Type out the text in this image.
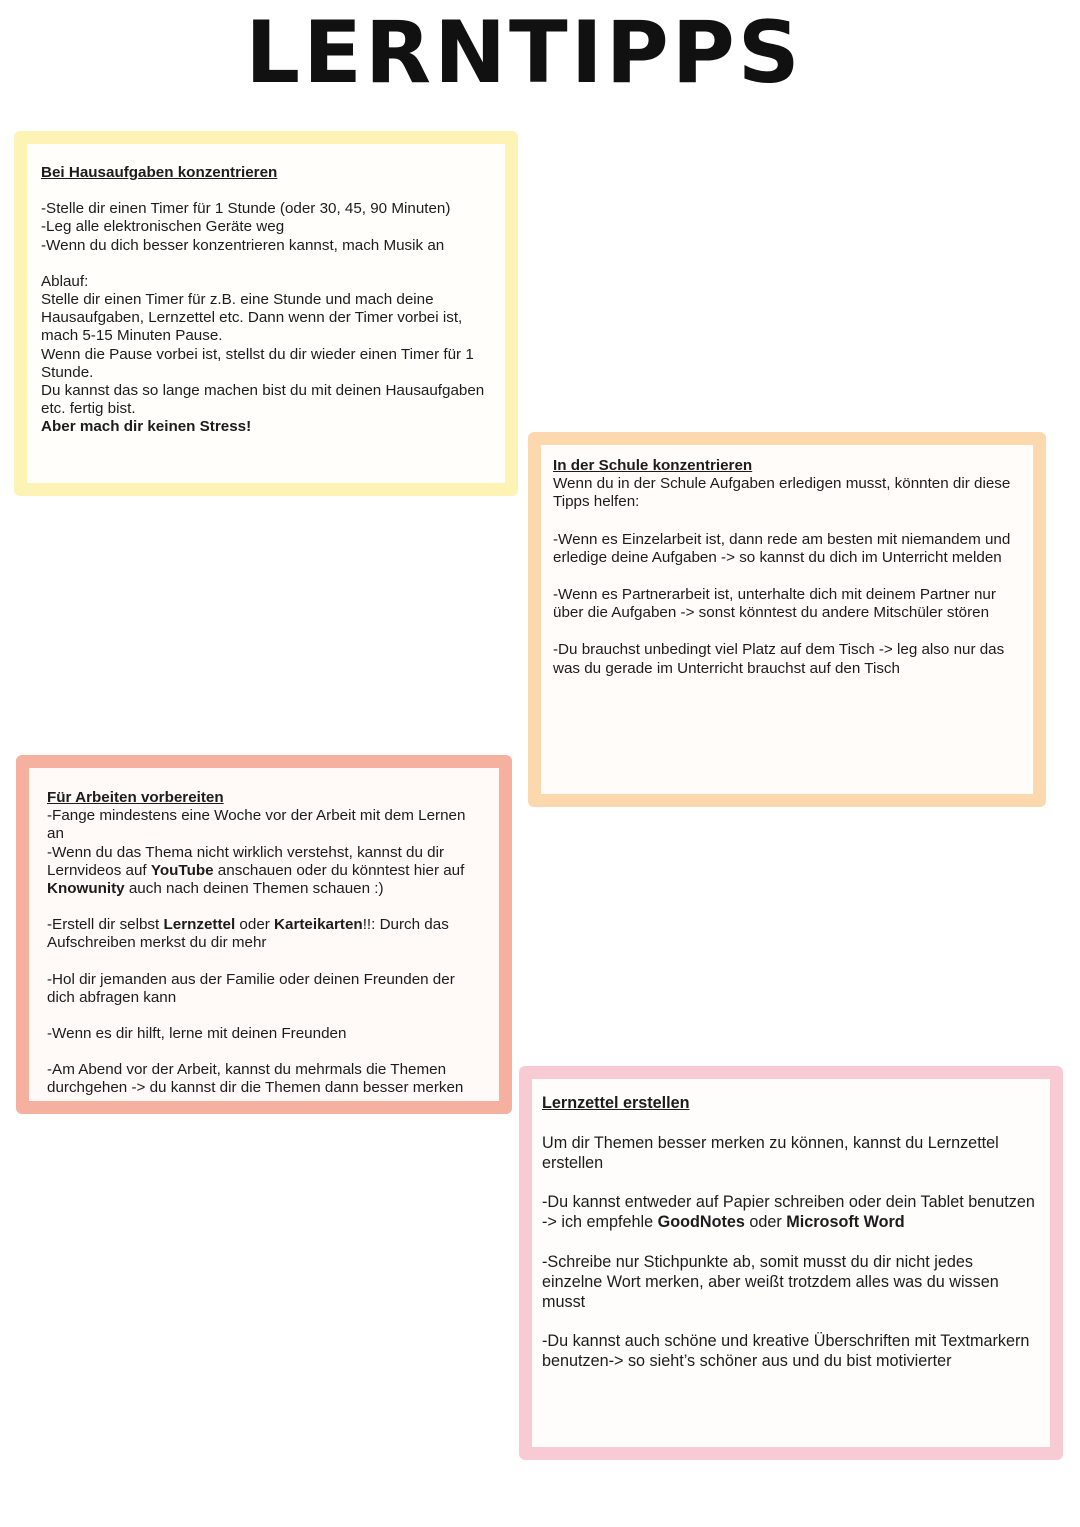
LERNTIPPS
Bei Hausaufgaben konzentrieren

-Stelle dir einen Timer für 1 Stunde (oder 30, 45, 90 Minuten)

-Leg alle elektronischen Geräte weg

-Wenn du dich besser konzentrieren kannst, mach Musik an

Ablauf:

Stelle dir einen Timer für z.B. eine Stunde und mach deine Hausaufgaben, Lernzettel etc. Dann wenn der Timer vorbei ist, mach 5-15 Minuten Pause.

Wenn die Pause vorbei ist, stellst du dir wieder einen Timer für 1 Stunde.

Du kannst das so lange machen bist du mit deinen Hausaufgaben etc. fertig bist.

Aber mach dir keinen Stress!

In der Schule konzentrieren

Wenn du in der Schule Aufgaben erledigen musst, könnten dir diese Tipps helfen:

-Wenn es Einzelarbeit ist, dann rede am besten mit niemandem und erledige deine Aufgaben -> so kannst du dich im Unterricht melden

-Wenn es Partnerarbeit ist, unterhalte dich mit deinem Partner nur über die Aufgaben -> sonst könntest du andere Mitschüler stören

-Du brauchst unbedingt viel Platz auf dem Tisch -> leg also nur das was du gerade im Unterricht brauchst auf den Tisch

Für Arbeiten vorbereiten

-Fange mindestens eine Woche vor der Arbeit mit dem Lernen an

-Wenn du das Thema nicht wirklich verstehst, kannst du dir Lernvideos auf YouTube anschauen oder du könntest hier auf Knowunity auch nach deinen Themen schauen :)

-Erstell dir selbst Lernzettel oder Karteikarten!!: Durch das Aufschreiben merkst du dir mehr

-Hol dir jemanden aus der Familie oder deinen Freunden der dich abfragen kann

-Wenn es dir hilft, lerne mit deinen Freunden

-Am Abend vor der Arbeit, kannst du mehrmals die Themen durchgehen -> du kannst dir die Themen dann besser merken

Lernzettel erstellen

Um dir Themen besser merken zu können, kannst du Lernzettel erstellen

-Du kannst entweder auf Papier schreiben oder dein Tablet benutzen -> ich empfehle GoodNotes oder Microsoft Word

-Schreibe nur Stichpunkte ab, somit musst du dir nicht jedes einzelne Wort merken, aber weißt trotzdem alles was du wissen musst

-Du kannst auch schöne und kreative Überschriften mit Textmarkern benutzen-> so sieht’s schöner aus und du bist motivierter
